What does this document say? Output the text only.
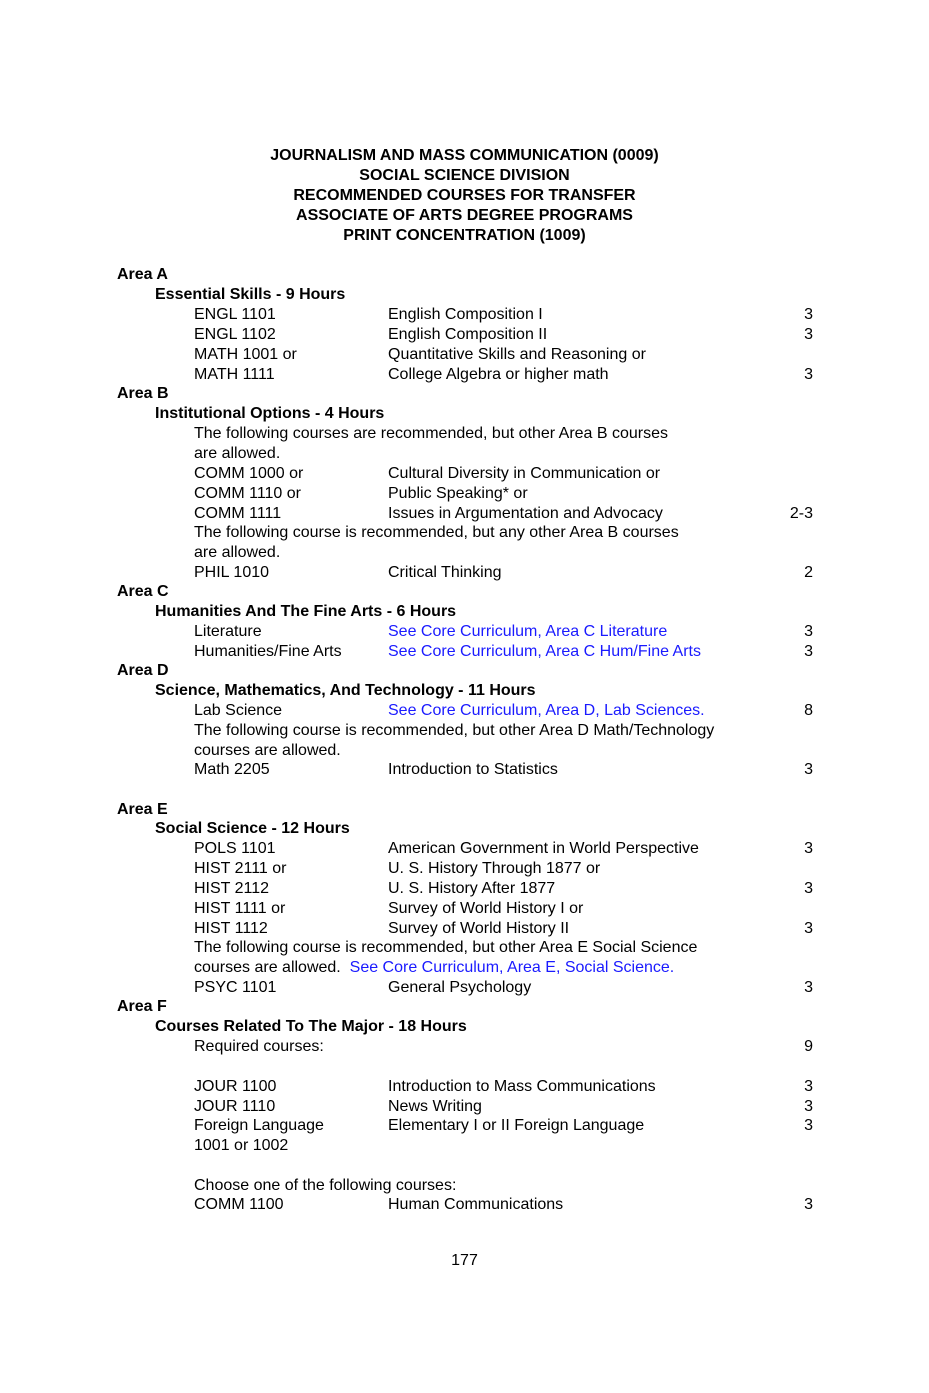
JOURNALISM AND MASS COMMUNICATION (0009)
SOCIAL SCIENCE DIVISION
RECOMMENDED COURSES FOR TRANSFER
ASSOCIATE OF ARTS DEGREE PROGRAMS
PRINT CONCENTRATION (1009)
Area A
Essential Skills - 9 Hours
ENGL 1101	English Composition I	3
ENGL 1102	English Composition II	3
MATH 1001 or	Quantitative Skills and Reasoning or
MATH 1111	College Algebra or higher math	3
Area B
Institutional Options - 4 Hours
The following courses are recommended, but other Area B courses
are allowed.
COMM 1000 or	Cultural Diversity in Communication or
COMM 1110 or	Public Speaking* or
COMM 1111	Issues in Argumentation and Advocacy	2-3
The following course is recommended, but any other Area B courses
are allowed.
PHIL 1010	Critical Thinking	2
Area C
Humanities And The Fine Arts - 6 Hours
Literature	See Core Curriculum, Area C Literature	3
Humanities/Fine Arts	See Core Curriculum, Area C Hum/Fine Arts	3
Area D
Science, Mathematics, And Technology - 11 Hours
Lab Science	See Core Curriculum, Area D, Lab Sciences.	8
The following course is recommended, but other Area D Math/Technology
courses are allowed.
Math 2205	Introduction to Statistics	3
Area E
Social Science - 12 Hours
POLS 1101	American Government in World Perspective	3
HIST 2111 or	U. S. History Through 1877 or
HIST 2112	U. S. History After 1877	3
HIST 1111 or	Survey of World History I or
HIST 1112	Survey of World History II	3
The following course is recommended, but other Area E Social Science
courses are allowed. See Core Curriculum, Area E, Social Science.
PSYC 1101	General Psychology	3
Area F
Courses Related To The Major - 18 Hours
Required courses:	9
JOUR 1100	Introduction to Mass Communications	3
JOUR 1110	News Writing	3
Foreign Language	Elementary I or II Foreign Language	3
1001 or 1002
Choose one of the following courses:
COMM 1100	Human Communications	3
177
